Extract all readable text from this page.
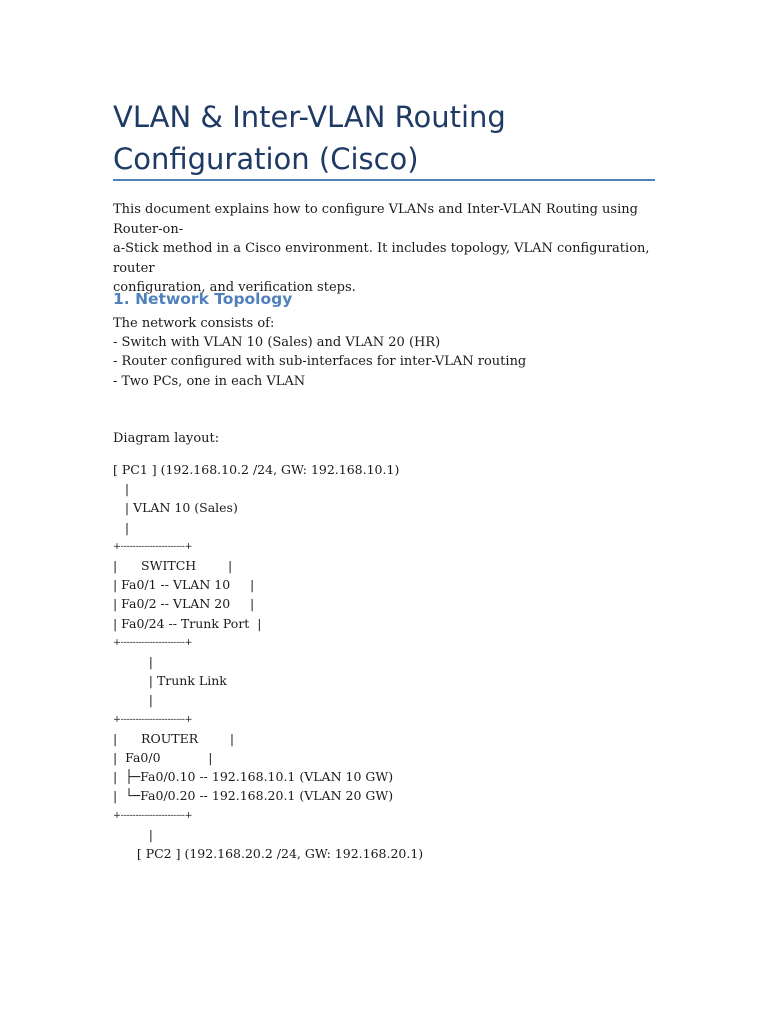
VLAN & Inter-VLAN Routing Configuration (Cisco)

This document explains how to configure VLANs and Inter-VLAN Routing using Router-on-
a-Stick method in a Cisco environment. It includes topology, VLAN configuration, router
configuration, and verification steps.

1. Network Topology
The network consists of:
- Switch with VLAN 10 (Sales) and VLAN 20 (HR)
- Router configured with sub-interfaces for inter-VLAN routing
- Two PCs, one in each VLAN

Diagram layout:
[ PC1 ] (192.168.10.2 /24, GW: 192.168.10.1)
|
| VLAN 10 (Sales)
|
+----------------------+
|      SWITCH        |
| Fa0/1 -- VLAN 10     |
| Fa0/2 -- VLAN 20     |
| Fa0/24 -- Trunk Port  |
+----------------------+
|
| Trunk Link
|
+----------------------+
|      ROUTER        |
|  Fa0/0            |
|  ├─Fa0/0.10 -- 192.168.10.1 (VLAN 10 GW)
|  └─Fa0/0.20 -- 192.168.20.1 (VLAN 20 GW)
+----------------------+
|
[ PC2 ] (192.168.20.2 /24, GW: 192.168.20.1)
